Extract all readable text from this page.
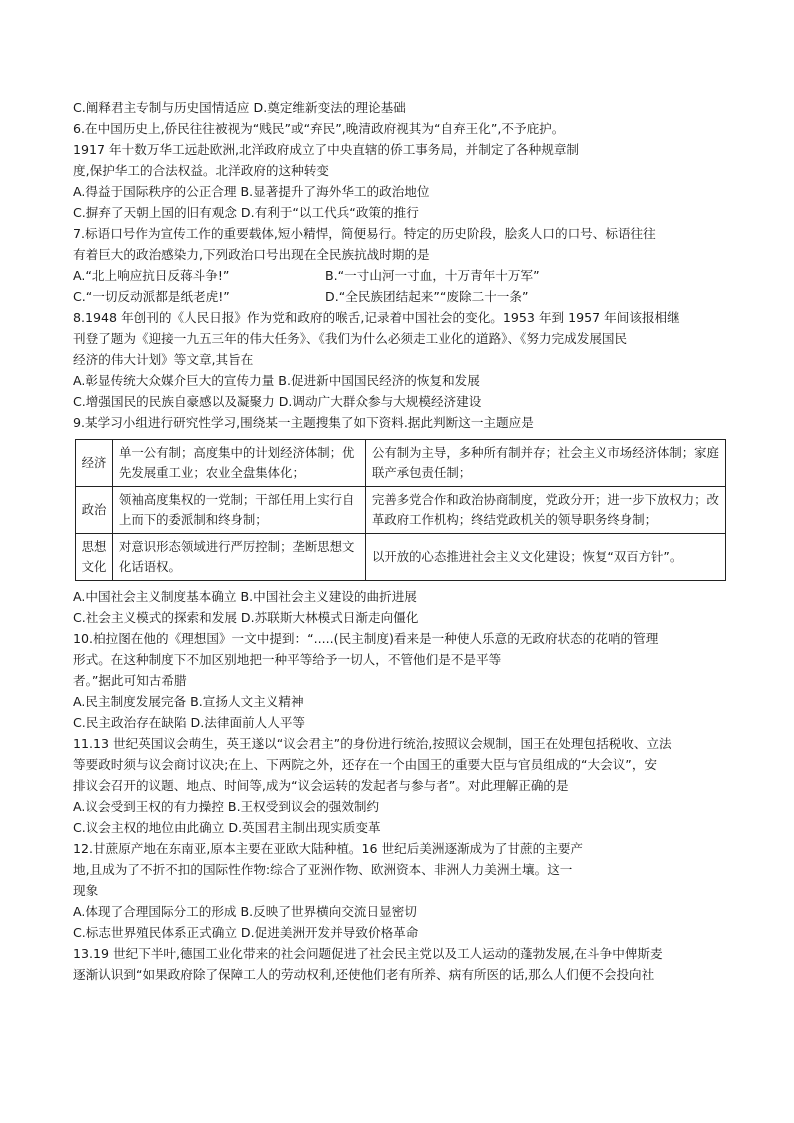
C.阐释君主专制与历史国情适应 D.奠定维新变法的理论基础
6.在中国历史上,侨民往往被视为“贱民”或“弃民”,晚清政府视其为“自弃王化”,不予庇护。
1917 年十数万华工远赴欧洲,北洋政府成立了中央直辖的侨工事务局，并制定了各种规章制
度,保护华工的合法权益。北洋政府的这种转变
A.得益于国际秩序的公正合理 B.显著提升了海外华工的政治地位
C.摒弃了天朝上国的旧有观念 D.有利于“以工代兵“政策的推行
7.标语口号作为宣传工作的重要载体,短小精悍，简便易行。特定的历史阶段，脍炙人口的口号、标语往往
有着巨大的政治感染力,下列政治口号出现在全民族抗战时期的是
A.“北上响应抗日反蒋斗争!”	B.“一寸山河一寸血，十万青年十万军”
C.“一切反动派都是纸老虎!”	D.“全民族团结起来”“废除二十一条”
8.1948 年创刊的《人民日报》作为党和政府的喉舌,记录着中国社会的变化。1953 年到 1957 年间该报相继
刊登了题为《迎接一九五三年的伟大任务》、《我们为什么必须走工业化的道路》、《努力完成发展国民
经济的伟大计划》等文章,其旨在
A.彰显传统大众媒介巨大的宣传力量 B.促进新中国国民经济的恢复和发展
C.增强国民的民族自豪感以及凝聚力 D.调动广大群众参与大规模经济建设
9.某学习小组进行研究性学习,围绕某一主题搜集了如下资料.据此判断这一主题应是
经济	单一公有制；高度集中的计划经济体制；优先发展重工业；农业全盘集体化；	公有制为主导，多种所有制并存；社会主义市场经济体制；家庭联产承包责任制；
政治	领袖高度集权的一党制；干部任用上实行自上而下的委派制和终身制；	完善多党合作和政治协商制度，党政分开；进一步下放权力；改革政府工作机构；终结党政机关的领导职务终身制；
思想文化	对意识形态领域进行严厉控制；垄断思想文化话语权。	以开放的心态推进社会主义文化建设；恢复“双百方针”。
A.中国社会主义制度基本确立 B.中国社会主义建设的曲折进展
C.社会主义模式的探索和发展 D.苏联斯大林模式日渐走向僵化
10.柏拉图在他的《理想国》一文中提到：“.....(民主制度)看来是一种使人乐意的无政府状态的花哨的管理
形式。在这种制度下不加区别地把一种平等给予一切人，不管他们是不是平等
者。”据此可知古希腊
A.民主制度发展完备 B.宣扬人文主义精神
C.民主政治存在缺陷 D.法律面前人人平等
11.13 世纪英国议会萌生，英王遂以“议会君主”的身份进行统治,按照议会规制，国王在处理包括税收、立法
等要政时须与议会商讨议决;在上、下两院之外，还存在一个由国王的重要大臣与官员组成的“大会议”，安
排议会召开的议题、地点、时间等,成为“议会运转的发起者与参与者”。对此理解正确的是
A.议会受到王权的有力操控 B.王权受到议会的强效制约
C.议会主权的地位由此确立 D.英国君主制出现实质变革
12.甘蔗原产地在东南亚,原本主要在亚欧大陆种植。16 世纪后美洲逐渐成为了甘蔗的主要产
地,且成为了不折不扣的国际性作物:综合了亚洲作物、欧洲资本、非洲人力美洲土壤。这一
现象
A.体现了合理国际分工的形成 B.反映了世界横向交流日显密切
C.标志世界殖民体系正式确立 D.促进美洲开发并导致价格革命
13.19 世纪下半叶,德国工业化带来的社会问题促进了社会民主党以及工人运动的蓬勃发展,在斗争中俾斯麦
逐渐认识到“如果政府除了保障工人的劳动权利,还使他们老有所养、病有所医的话,那么人们便不会投向社
